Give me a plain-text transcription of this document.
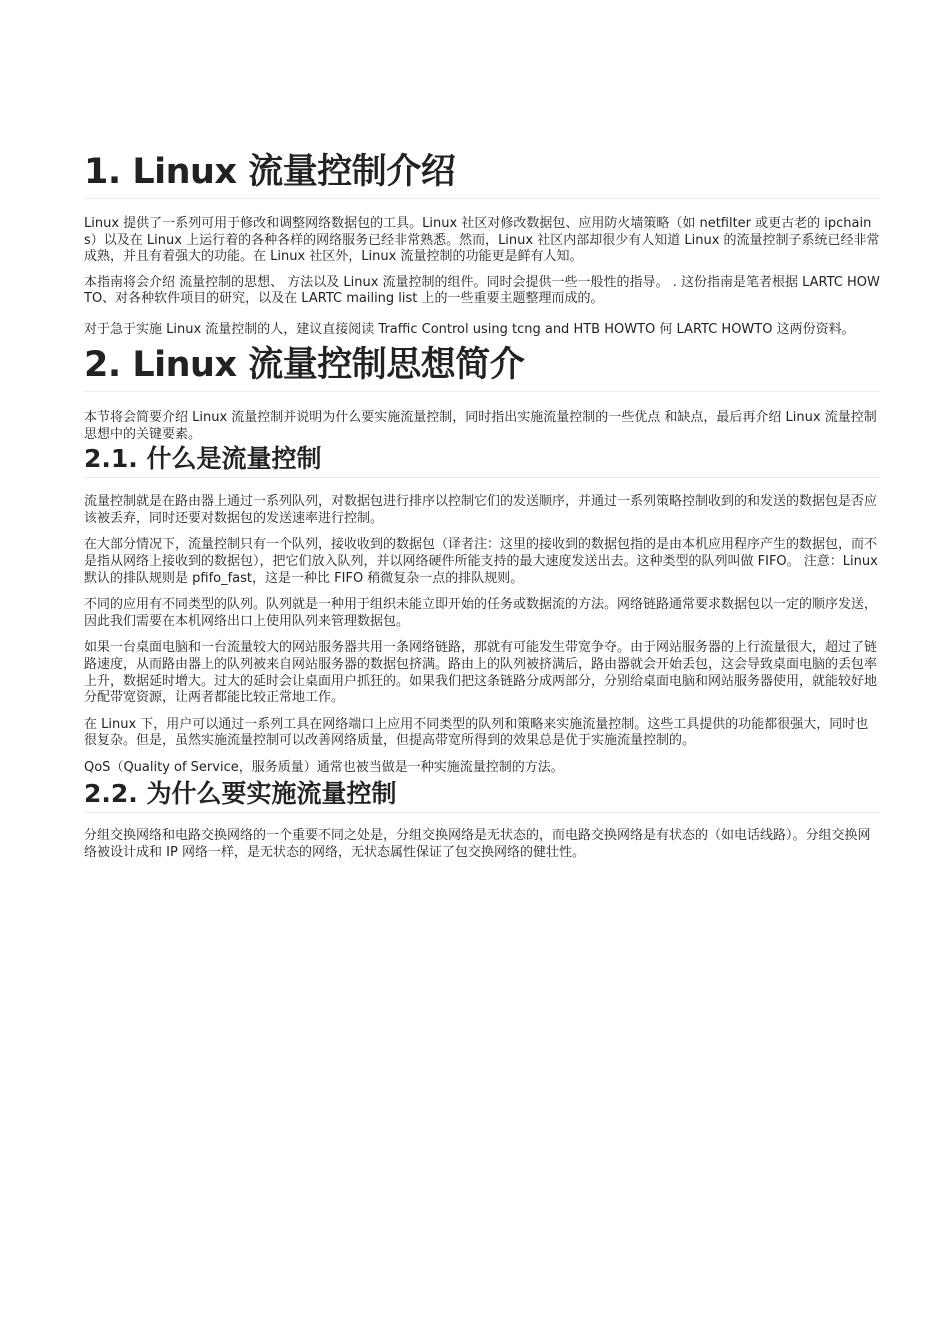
1. Linux 流量控制介绍

Linux 提供了一系列可用于修改和调整网络数据包的工具。Linux 社区对修改数据包、应用防火墙策略（如 netfilter 或更古老的 ipchains）以及在 Linux 上运行着的各种各样的网络服务已经非常熟悉。然而，Linux 社区内部却很少有人知道 Linux 的流量控制子系统已经非常成熟，并且有着强大的功能。在 Linux 社区外，Linux 流量控制的功能更是鲜有人知。

本指南将会介绍 流量控制的思想、 方法以及 Linux 流量控制的组件。同时会提供一些一般性的指导。 . 这份指南是笔者根据 LARTC HOWTO、对各种软件项目的研究，以及在 LARTC mailing list 上的一些重要主题整理而成的。

对于急于实施 Linux 流量控制的人，建议直接阅读 Traffic Control using tcng and HTB HOWTO 何 LARTC HOWTO 这两份资料。

2. Linux 流量控制思想简介

本节将会简要介绍 Linux 流量控制并说明为什么要实施流量控制，同时指出实施流量控制的一些优点 和缺点，最后再介绍 Linux 流量控制思想中的关键要素。

2.1. 什么是流量控制

流量控制就是在路由器上通过一系列队列，对数据包进行排序以控制它们的发送顺序，并通过一系列策略控制收到的和发送的数据包是否应该被丢弃，同时还要对数据包的发送速率进行控制。

在大部分情况下，流量控制只有一个队列，接收收到的数据包（译者注：这里的接收到的数据包指的是由本机应用程序产生的数据包，而不是指从网络上接收到的数据包），把它们放入队列，并以网络硬件所能支持的最大速度发送出去。这种类型的队列叫做 FIFO。 注意：Linux 默认的排队规则是 pfifo_fast，这是一种比 FIFO 稍微复杂一点的排队规则。

不同的应用有不同类型的队列。队列就是一种用于组织未能立即开始的任务或数据流的方法。网络链路通常要求数据包以一定的顺序发送，因此我们需要在本机网络出口上使用队列来管理数据包。

如果一台桌面电脑和一台流量较大的网站服务器共用一条网络链路，那就有可能发生带宽争夺。由于网站服务器的上行流量很大，超过了链路速度，从而路由器上的队列被来自网站服务器的数据包挤满。路由上的队列被挤满后，路由器就会开始丢包，这会导致桌面电脑的丢包率上升，数据延时增大。过大的延时会让桌面用户抓狂的。如果我们把这条链路分成两部分，分别给桌面电脑和网站服务器使用，就能较好地分配带宽资源，让两者都能比较正常地工作。

在 Linux 下，用户可以通过一系列工具在网络端口上应用不同类型的队列和策略来实施流量控制。这些工具提供的功能都很强大，同时也很复杂。但是，虽然实施流量控制可以改善网络质量，但提高带宽所得到的效果总是优于实施流量控制的。

QoS（Quality of Service，服务质量）通常也被当做是一种实施流量控制的方法。

2.2. 为什么要实施流量控制

分组交换网络和电路交换网络的一个重要不同之处是，分组交换网络是无状态的，而电路交换网络是有状态的（如电话线路）。分组交换网络被设计成和 IP 网络一样，是无状态的网络，无状态属性保证了包交换网络的健壮性。
